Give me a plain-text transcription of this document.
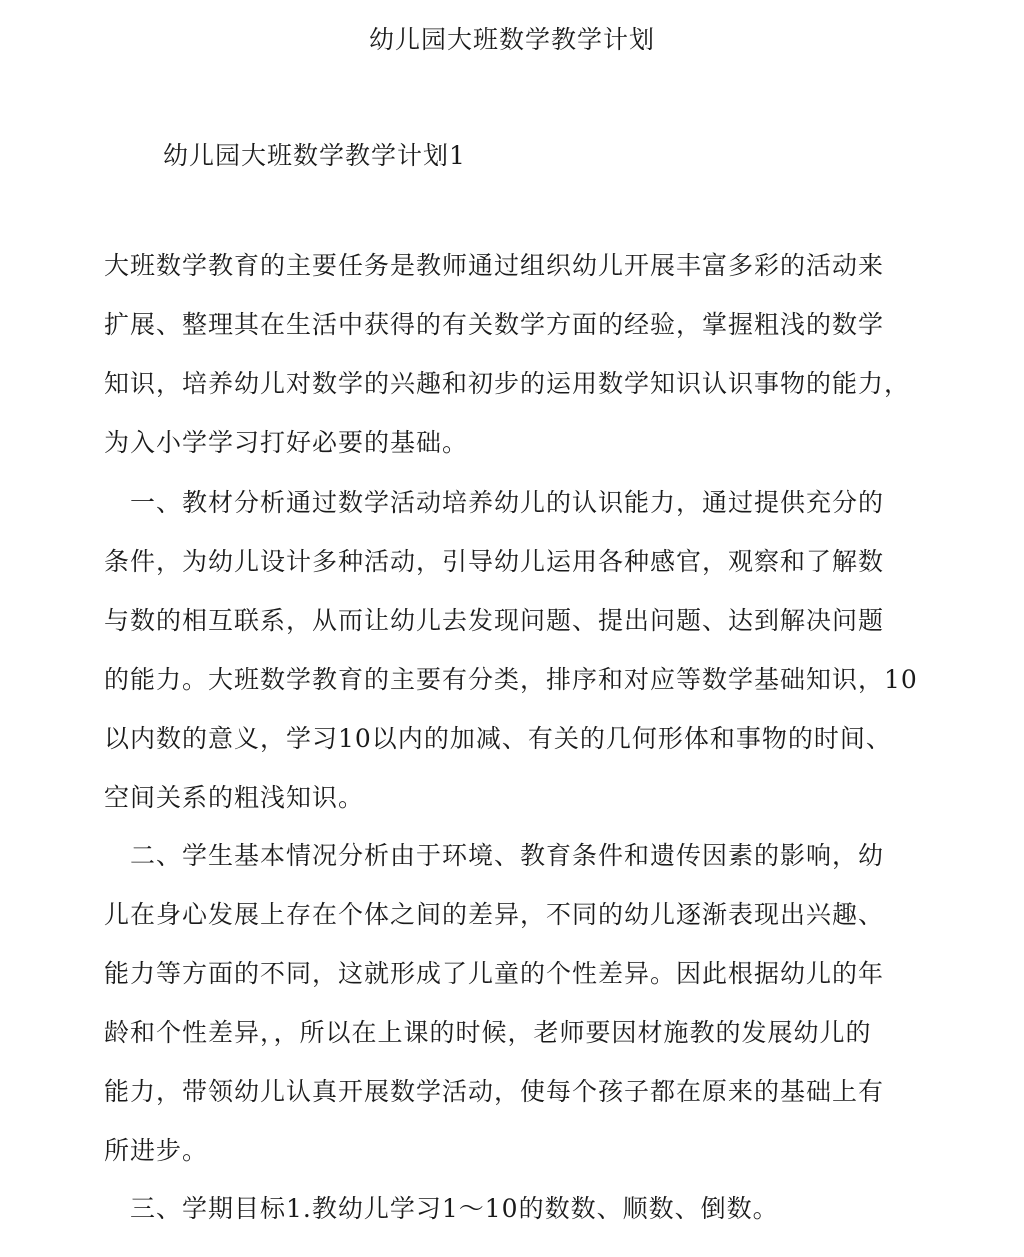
幼儿园大班数学教学计划
幼儿园大班数学教学计划1

大班数学教育的主要任务是教师通过组织幼儿开展丰富多彩的活动来
扩展、整理其在生活中获得的有关数学方面的经验，掌握粗浅的数学
知识，培养幼儿对数学的兴趣和初步的运用数学知识认识事物的能力，
为入小学学习打好必要的基础。

　一、教材分析通过数学活动培养幼儿的认识能力，通过提供充分的
条件，为幼儿设计多种活动，引导幼儿运用各种感官，观察和了解数
与数的相互联系，从而让幼儿去发现问题、提出问题、达到解决问题
的能力。大班数学教育的主要有分类，排序和对应等数学基础知识，10
以内数的意义，学习10以内的加减、有关的几何形体和事物的时间、
空间关系的粗浅知识。

　二、学生基本情况分析由于环境、教育条件和遗传因素的影响，幼
儿在身心发展上存在个体之间的差异，不同的幼儿逐渐表现出兴趣、
能力等方面的不同，这就形成了儿童的个性差异。因此根据幼儿的年
龄和个性差异，，所以在上课的时候，老师要因材施教的发展幼儿的
能力，带领幼儿认真开展数学活动，使每个孩子都在原来的基础上有
所进步。

　三、学期目标1.教幼儿学习1～10的数数、顺数、倒数。
